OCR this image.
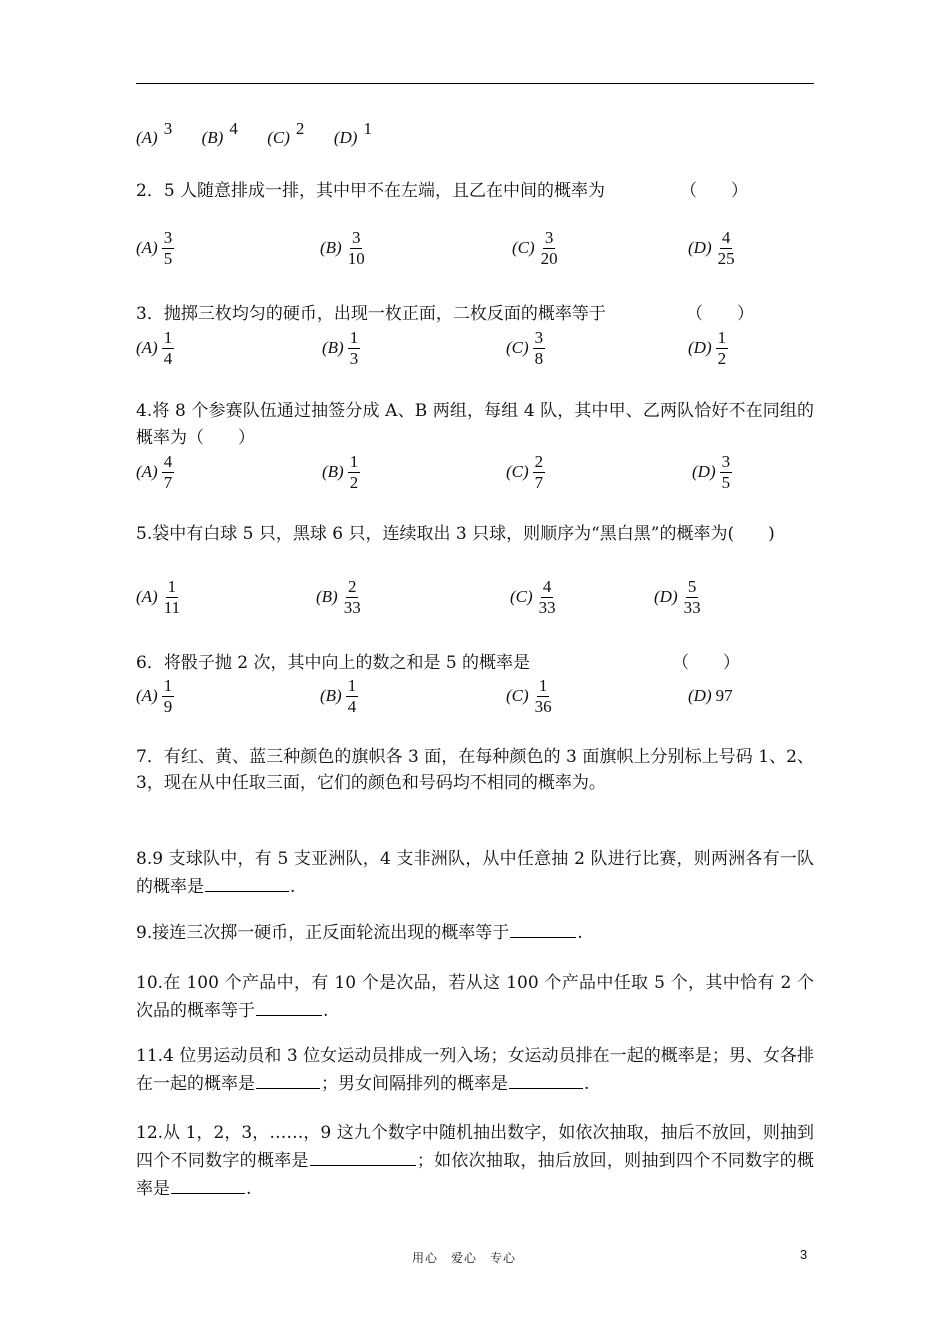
(A) 3 (B) 4 (C) 2 (D) 1
2．5 人随意排成一排，其中甲不在左端，且乙在中间的概率为	（　　）
$(A) \frac{3}{5}$	$(B) \frac{3}{10}$	$(C) \frac{3}{20}$	$(D) \frac{4}{25}$
3．抛掷三枚均匀的硬币，出现一枚正面，二枚反面的概率等于	（　　）
$(A) \frac{1}{4}$	$(B) \frac{1}{3}$	$(C) \frac{3}{8}$	$(D) \frac{1}{2}$
4.将 8 个参赛队伍通过抽签分成 A、B 两组，每组 4 队，其中甲、乙两队恰好不在同组的概率为（　　）
$(A) \frac{4}{7}$	$(B) \frac{1}{2}$	$(C) \frac{2}{7}$	$(D) \frac{3}{5}$
5.袋中有白球 5 只，黑球 6 只，连续取出 3 只球，则顺序为“黑白黑”的概率为(　　)
$(A) \frac{1}{11}$	$(B) \frac{2}{33}$	$(C) \frac{4}{33}$	$(D) \frac{5}{33}$
6．将骰子抛 2 次，其中向上的数之和是 5 的概率是	（　　）
$(A) \frac{1}{9}$	$(B) \frac{1}{4}$	$(C) \frac{1}{36}$	(D) 97
7．有红、黄、蓝三种颜色的旗帜各 3 面，在每种颜色的 3 面旗帜上分别标上号码 1、2、3，现在从中任取三面，它们的颜色和号码均不相同的概率为。
8.9 支球队中，有 5 支亚洲队，4 支非洲队，从中任意抽 2 队进行比赛，则两洲各有一队的概率是	.
9.接连三次掷一硬币，正反面轮流出现的概率等于	.
10.在 100 个产品中，有 10 个是次品，若从这 100 个产品中任取 5 个，其中恰有 2 个次品的概率等于	.
11.4 位男运动员和 3 位女运动员排成一列入场；女运动员排在一起的概率是；男、女各排在一起的概率是	；男女间隔排列的概率是	.
12.从 1，2，3，……，9 这九个数字中随机抽出数字，如依次抽取，抽后不放回，则抽到四个不同数字的概率是	；如依次抽取，抽后放回，则抽到四个不同数字的概率是	.
用心　爱心　专心	3
